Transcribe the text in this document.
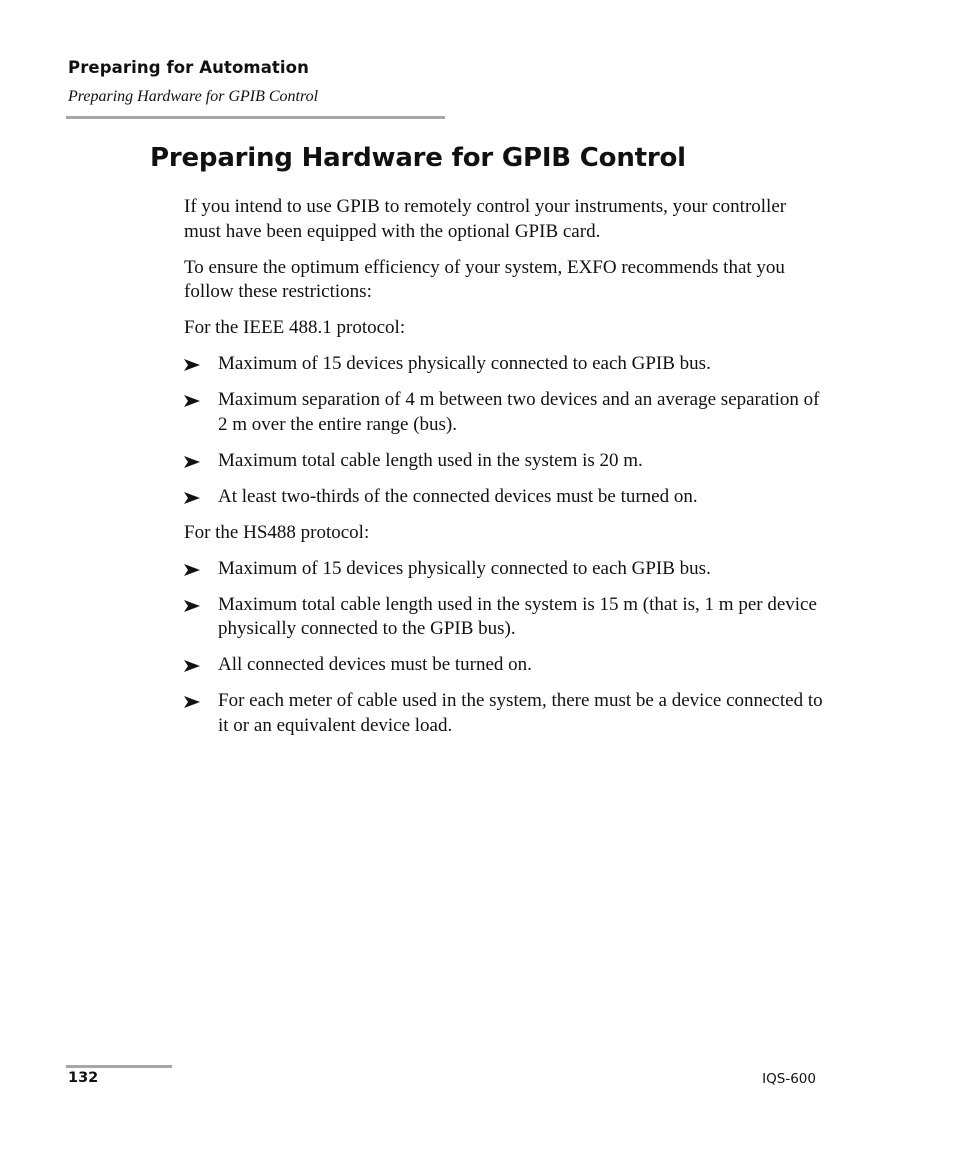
Preparing for Automation
Preparing Hardware for GPIB Control
Preparing Hardware for GPIB Control

If you intend to use GPIB to remotely control your instruments, your controller must have been equipped with the optional GPIB card.

To ensure the optimum efficiency of your system, EXFO recommends that you follow these restrictions:

For the IEEE 488.1 protocol:

Maximum of 15 devices physically connected to each GPIB bus.
Maximum separation of 4 m between two devices and an average separation of 2 m over the entire range (bus).
Maximum total cable length used in the system is 20 m.
At least two-thirds of the connected devices must be turned on.

For the HS488 protocol:

Maximum of 15 devices physically connected to each GPIB bus.
Maximum total cable length used in the system is 15 m (that is, 1 m per device physically connected to the GPIB bus).
All connected devices must be turned on.
For each meter of cable used in the system, there must be a device connected to it or an equivalent device load.
132	IQS-600
